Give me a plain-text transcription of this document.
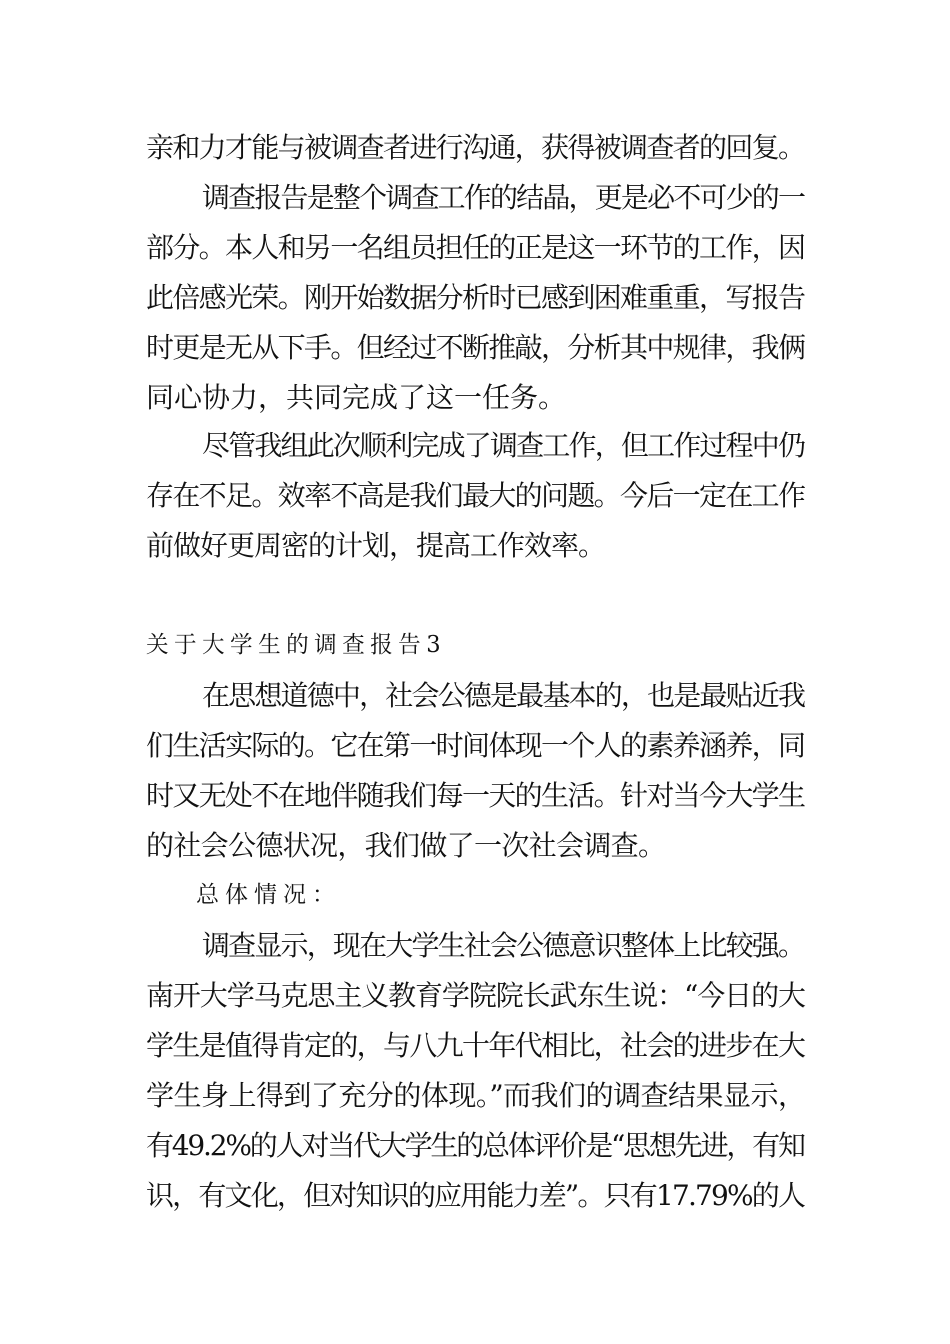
亲和力才能与被调查者进行沟通，获得被调查者的回复。
调查报告是整个调查工作的结晶，更是必不可少的一
部分。本人和另一名组员担任的正是这一环节的工作，因
此倍感光荣。刚开始数据分析时已感到困难重重，写报告
时更是无从下手。但经过不断推敲，分析其中规律，我俩
同心协力，共同完成了这一任务。
尽管我组此次顺利完成了调查工作，但工作过程中仍
存在不足。效率不高是我们最大的问题。今后一定在工作
前做好更周密的计划，提高工作效率。
关于大学生的调查报告3
在思想道德中，社会公德是最基本的，也是最贴近我
们生活实际的。它在第一时间体现一个人的素养涵养，同
时又无处不在地伴随我们每一天的生活。针对当今大学生
的社会公德状况，我们做了一次社会调查。
总体情况：
调查显示，现在大学生社会公德意识整体上比较强。
南开大学马克思主义教育学院院长武东生说：“今日的大
学生是值得肯定的，与八九十年代相比，社会的进步在大
学生身上得到了充分的体现。”而我们的调查结果显示，
有49.2%的人对当代大学生的总体评价是“思想先进，有知
识，有文化，但对知识的应用能力差”。只有17.79%的人
